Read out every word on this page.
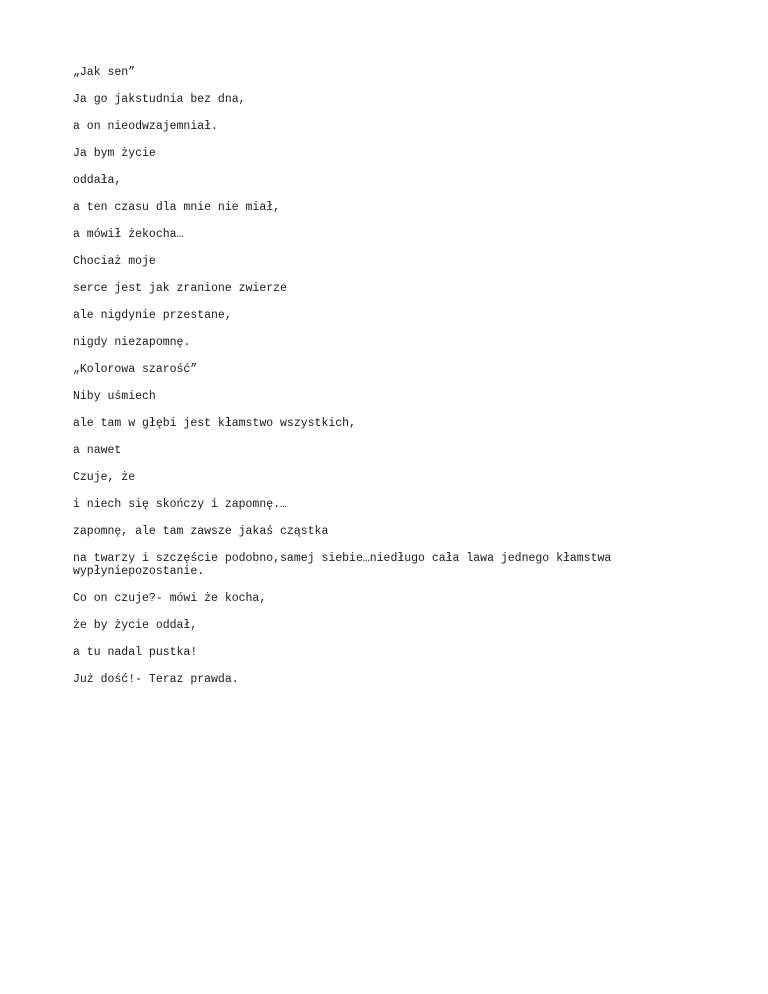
„Jak sen”

Ja go jakstudnia bez dna,

a on nieodwzajemniał.

Ja bym życie

oddała,

a ten czasu dla mnie nie miał,

a mówił żekocha…

Chociaż moje

serce jest jak zranione zwierze

ale nigdynie przestane,

nigdy niezapomnę.

„Kolorowa szarość”

Niby uśmiech

ale tam w głębi jest kłamstwo wszystkich,

a nawet

Czuje, że

i niech się skończy i zapomnę.…

zapomnę, ale tam zawsze jakaś cząstka

na twarzy i szczęście podobno,samej siebie…niedługo cała lawa jednego kłamstwa wypłyniepozostanie.

Co on czuje?- mówi że kocha,

że by życie oddał,

a tu nadal pustka!

Już dość!- Teraz prawda.
